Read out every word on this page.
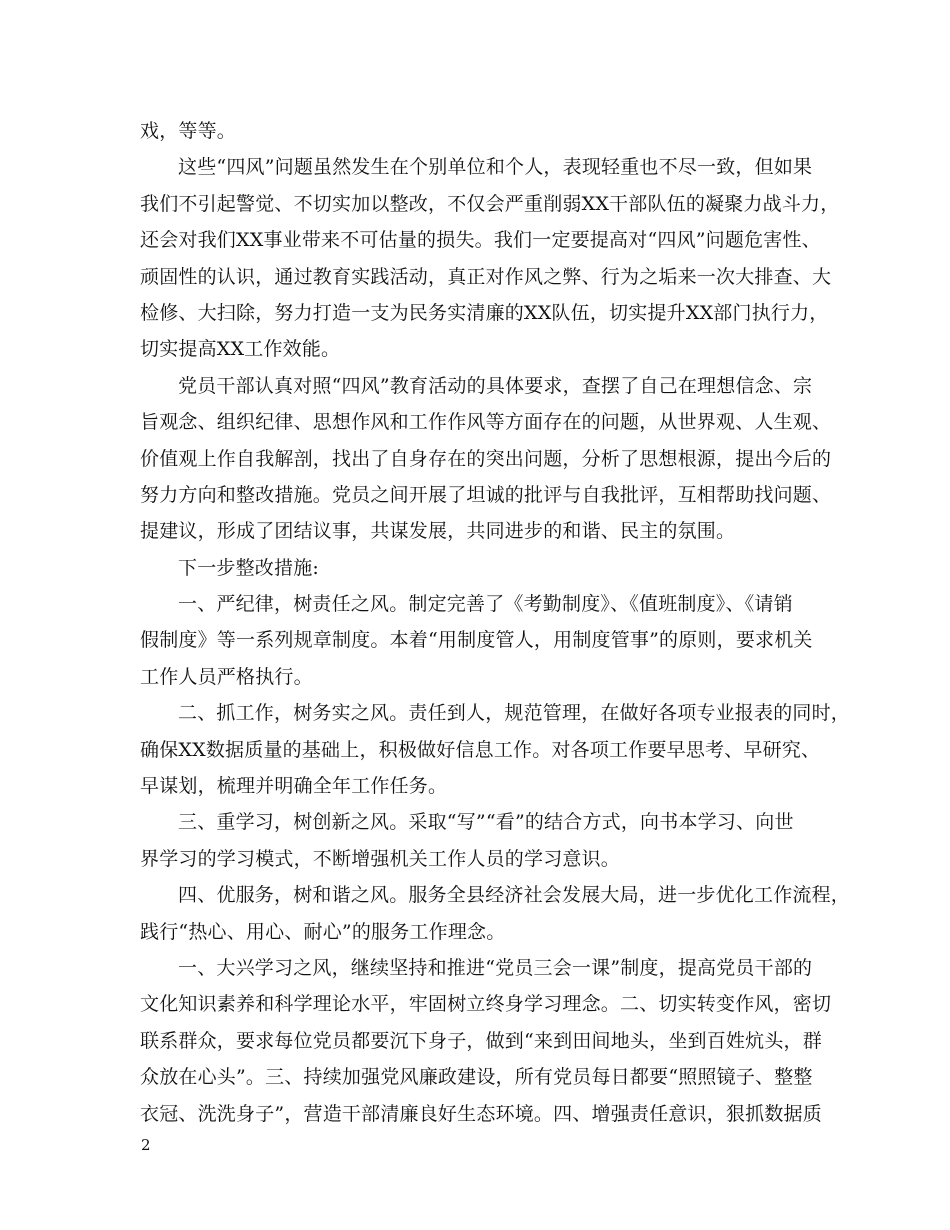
戏，等等。
这些“四风”问题虽然发生在个别单位和个人，表现轻重也不尽一致，但如果
我们不引起警觉、不切实加以整改，不仅会严重削弱XX干部队伍的凝聚力战斗力，
还会对我们XX事业带来不可估量的损失。我们一定要提高对“四风”问题危害性、
顽固性的认识，通过教育实践活动，真正对作风之弊、行为之垢来一次大排查、大
检修、大扫除，努力打造一支为民务实清廉的XX队伍，切实提升XX部门执行力，
切实提高XX工作效能。
党员干部认真对照“四风”教育活动的具体要求，查摆了自己在理想信念、宗
旨观念、组织纪律、思想作风和工作作风等方面存在的问题，从世界观、人生观、
价值观上作自我解剖，找出了自身存在的突出问题，分析了思想根源，提出今后的
努力方向和整改措施。党员之间开展了坦诚的批评与自我批评，互相帮助找问题、
提建议，形成了团结议事，共谋发展，共同进步的和谐、民主的氛围。
下一步整改措施:
一、严纪律，树责任之风。制定完善了《考勤制度》、《值班制度》、《请销
假制度》等一系列规章制度。本着“用制度管人，用制度管事”的原则，要求机关
工作人员严格执行。
二、抓工作，树务实之风。责任到人，规范管理，在做好各项专业报表的同时，
确保XX数据质量的基础上，积极做好信息工作。对各项工作要早思考、早研究、
早谋划，梳理并明确全年工作任务。
三、重学习，树创新之风。采取“写”“看”的结合方式，向书本学习、向世
界学习的学习模式，不断增强机关工作人员的学习意识。
四、优服务，树和谐之风。服务全县经济社会发展大局，进一步优化工作流程，
践行“热心、用心、耐心”的服务工作理念。
一、大兴学习之风，继续坚持和推进“党员三会一课”制度，提高党员干部的
文化知识素养和科学理论水平，牢固树立终身学习理念。二、切实转变作风，密切
联系群众，要求每位党员都要沉下身子，做到“来到田间地头，坐到百姓炕头，群
众放在心头”。三、持续加强党风廉政建设，所有党员每日都要“照照镜子、整整
衣冠、洗洗身子”，营造干部清廉良好生态环境。四、增强责任意识，狠抓数据质
2
